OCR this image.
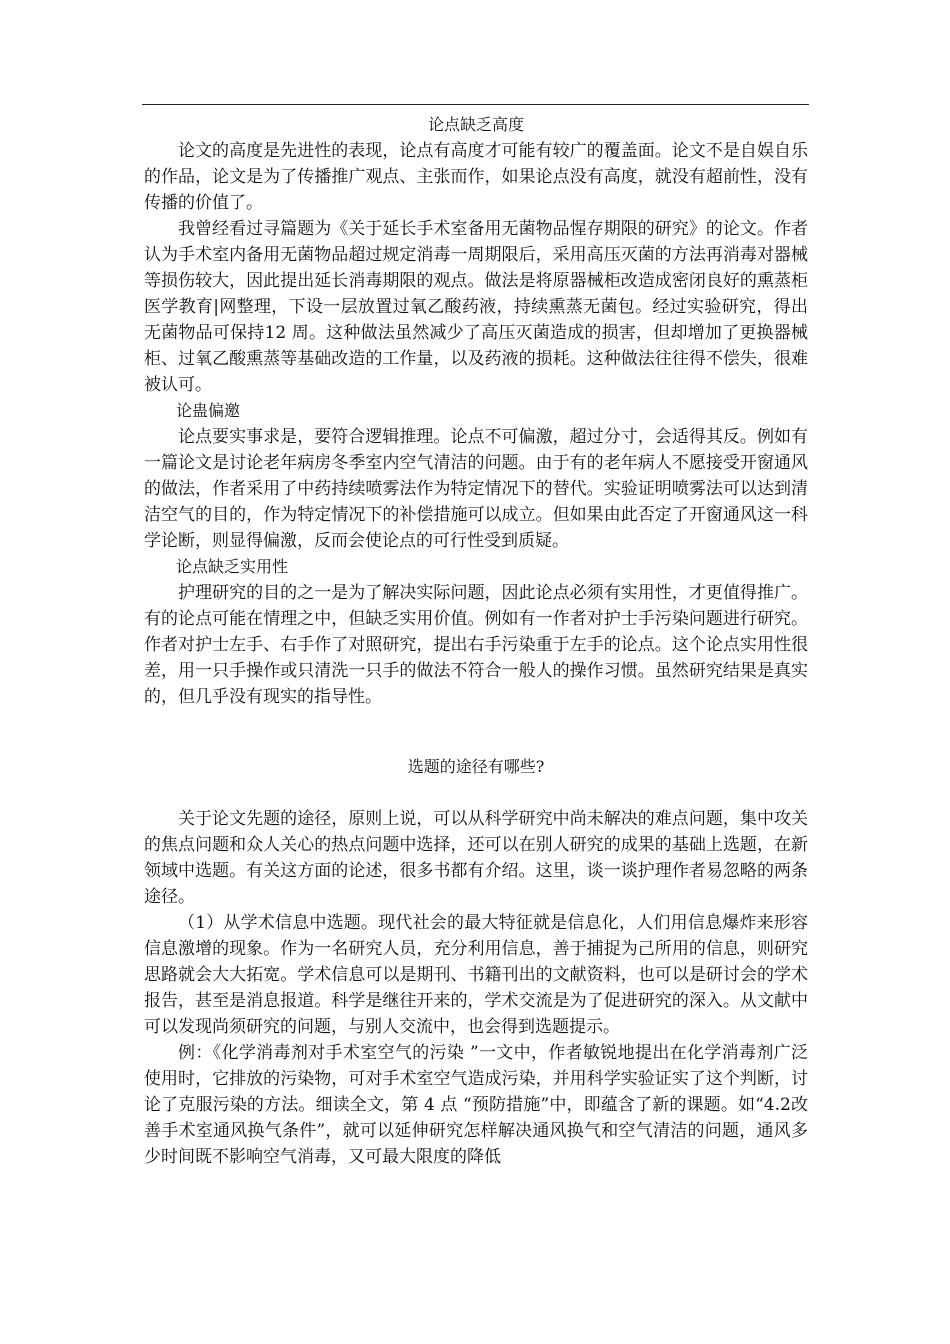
论点缺乏高度

论文的高度是先进性的表现，论点有高度才可能有较广的覆盖面。论文不是自娱自乐的作品，论文是为了传播推广观点、主张而作，如果论点没有高度，就没有超前性，没有传播的价值了。

我曾经看过寻篇题为《关于延长手术室备用无菌物品惺存期限的研究》的论文。作者认为手术室内备用无菌物品超过规定消毒一周期限后，采用高压灭菌的方法再消毒对器械等损伤较大，因此提出延长消毒期限的观点。做法是将原器械柜改造成密闭良好的熏蒸柜医学教育|网整理，下设一层放置过氧乙酸药液，持续熏蒸无菌包。经过实验研究，得出无菌物品可保持12 周。这种做法虽然减少了高压灭菌造成的损害，但却增加了更换器械柜、过氧乙酸熏蒸等基础改造的工作量，以及药液的损耗。这种做法往往得不偿失，很难被认可。

论蛊偏邀

论点要实事求是，要符合逻辑推理。论点不可偏激，超过分寸，会适得其反。例如有一篇论文是讨论老年病房冬季室内空气清洁的问题。由于有的老年病人不愿接受开窗通风的做法，作者采用了中药持续喷雾法作为特定情况下的替代。实验证明喷雾法可以达到清洁空气的目的，作为特定情况下的补偿措施可以成立。但如果由此否定了开窗通风这一科学论断，则显得偏激，反而会使论点的可行性受到质疑。

论点缺乏实用性

护理研究的目的之一是为了解决实际问题，因此论点必须有实用性，才更值得推广。有的论点可能在情理之中，但缺乏实用价值。例如有一作者对护士手污染问题进行研究。作者对护士左手、右手作了对照研究，提出右手污染重于左手的论点。这个论点实用性很差，用一只手操作或只清洗一只手的做法不符合一般人的操作习惯。虽然研究结果是真实的，但几乎没有现实的指导性。

选题的途径有哪些?

关于论文先题的途径，原则上说，可以从科学研究中尚未解决的难点问题，集中攻关的焦点问题和众人关心的热点问题中选择，还可以在别人研究的成果的基础上选题，在新领域中选题。有关这方面的论述，很多书都有介绍。这里，谈一谈护理作者易忽略的两条途径。

（1）从学术信息中选题。现代社会的最大特征就是信息化，人们用信息爆炸来形容信息激增的现象。作为一名研究人员，充分利用信息，善于捕捉为己所用的信息，则研究思路就会大大拓宽。学术信息可以是期刊、书籍刊出的文献资料，也可以是研讨会的学术报告，甚至是消息报道。科学是继往开来的，学术交流是为了促进研究的深入。从文献中可以发现尚须研究的问题，与别人交流中，也会得到选题提示。

例：《化学消毒剂对手术室空气的污染 ”一文中，作者敏锐地提出在化学消毒剂广泛使用时，它排放的污染物，可对手术室空气造成污染，并用科学实验证实了这个判断，讨论了克服污染的方法。细读全文，第 4 点 “预防措施”中，即蕴含了新的课题。如“4.2改善手术室通风换气条件”，就可以延伸研究怎样解决通风换气和空气清洁的问题，通风多少时间既不影响空气消毒，又可最大限度的降低
